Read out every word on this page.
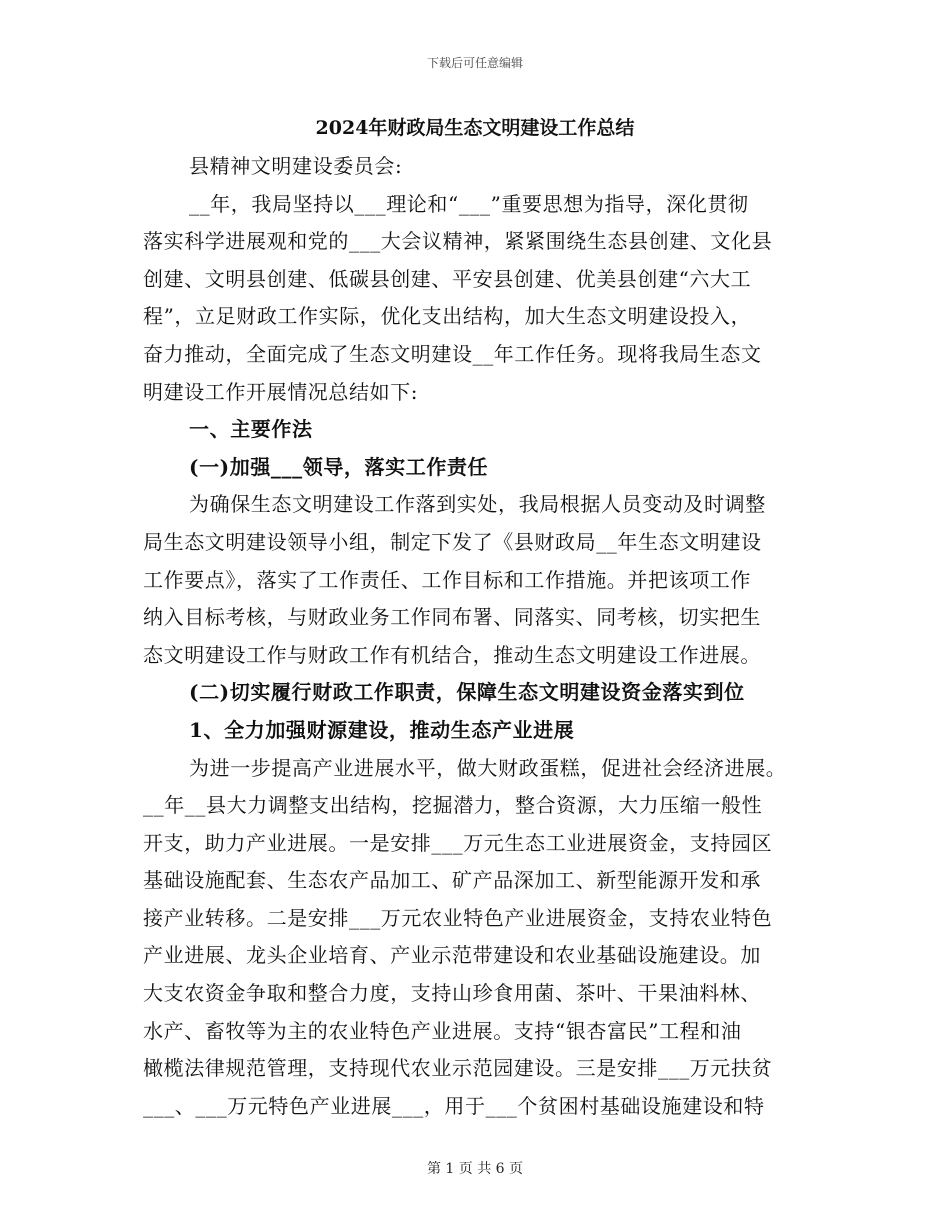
下载后可任意编辑
2024年财政局生态文明建设工作总结
县精神文明建设委员会:
__年，我局坚持以___理论和“___”重要思想为指导，深化贯彻
落实科学进展观和党的___大会议精神，紧紧围绕生态县创建、文化县
创建、文明县创建、低碳县创建、平安县创建、优美县创建“六大工
程”，立足财政工作实际，优化支出结构，加大生态文明建设投入，
奋力推动，全面完成了生态文明建设__年工作任务。现将我局生态文
明建设工作开展情况总结如下:
一、主要作法
(一)加强___领导，落实工作责任
为确保生态文明建设工作落到实处，我局根据人员变动及时调整
局生态文明建设领导小组，制定下发了《县财政局__年生态文明建设
工作要点》，落实了工作责任、工作目标和工作措施。并把该项工作
纳入目标考核，与财政业务工作同布署、同落实、同考核，切实把生
态文明建设工作与财政工作有机结合，推动生态文明建设工作进展。
(二)切实履行财政工作职责，保障生态文明建设资金落实到位
1、全力加强财源建设，推动生态产业进展
为进一步提高产业进展水平，做大财政蛋糕，促进社会经济进展。
__年__县大力调整支出结构，挖掘潜力，整合资源，大力压缩一般性
开支，助力产业进展。一是安排___万元生态工业进展资金，支持园区
基础设施配套、生态农产品加工、矿产品深加工、新型能源开发和承
接产业转移。二是安排___万元农业特色产业进展资金，支持农业特色
产业进展、龙头企业培育、产业示范带建设和农业基础设施建设。加
大支农资金争取和整合力度，支持山珍食用菌、茶叶、干果油料林、
水产、畜牧等为主的农业特色产业进展。支持“银杏富民”工程和油
橄榄法律规范管理，支持现代农业示范园建设。三是安排___万元扶贫
___、___万元特色产业进展___，用于___个贫困村基础设施建设和特
第 1 页 共 6 页
